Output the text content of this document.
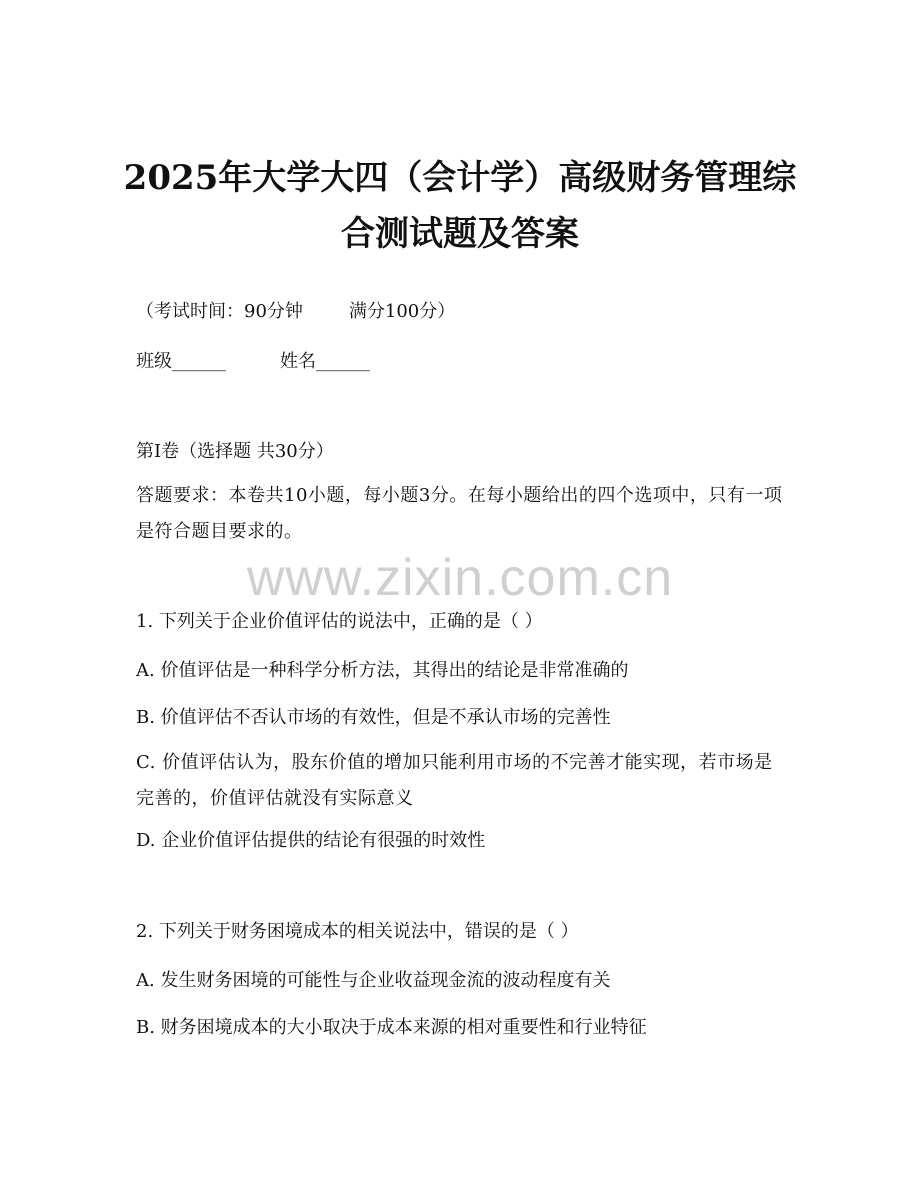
2025年大学大四（会计学）高级财务管理综
合测试题及答案

（考试时间：90分钟	满分100分）

班级______	姓名______

第Ⅰ卷（选择题 共30分）

答题要求：本卷共10小题，每小题3分。在每小题给出的四个选项中，只有一项是符合题目要求的。

www.zixin.com.cn

1. 下列关于企业价值评估的说法中，正确的是（ ）

A. 价值评估是一种科学分析方法，其得出的结论是非常准确的

B. 价值评估不否认市场的有效性，但是不承认市场的完善性

C. 价值评估认为，股东价值的增加只能利用市场的不完善才能实现，若市场是完善的，价值评估就没有实际意义

D. 企业价值评估提供的结论有很强的时效性

2. 下列关于财务困境成本的相关说法中，错误的是（ ）

A. 发生财务困境的可能性与企业收益现金流的波动程度有关

B. 财务困境成本的大小取决于成本来源的相对重要性和行业特征
